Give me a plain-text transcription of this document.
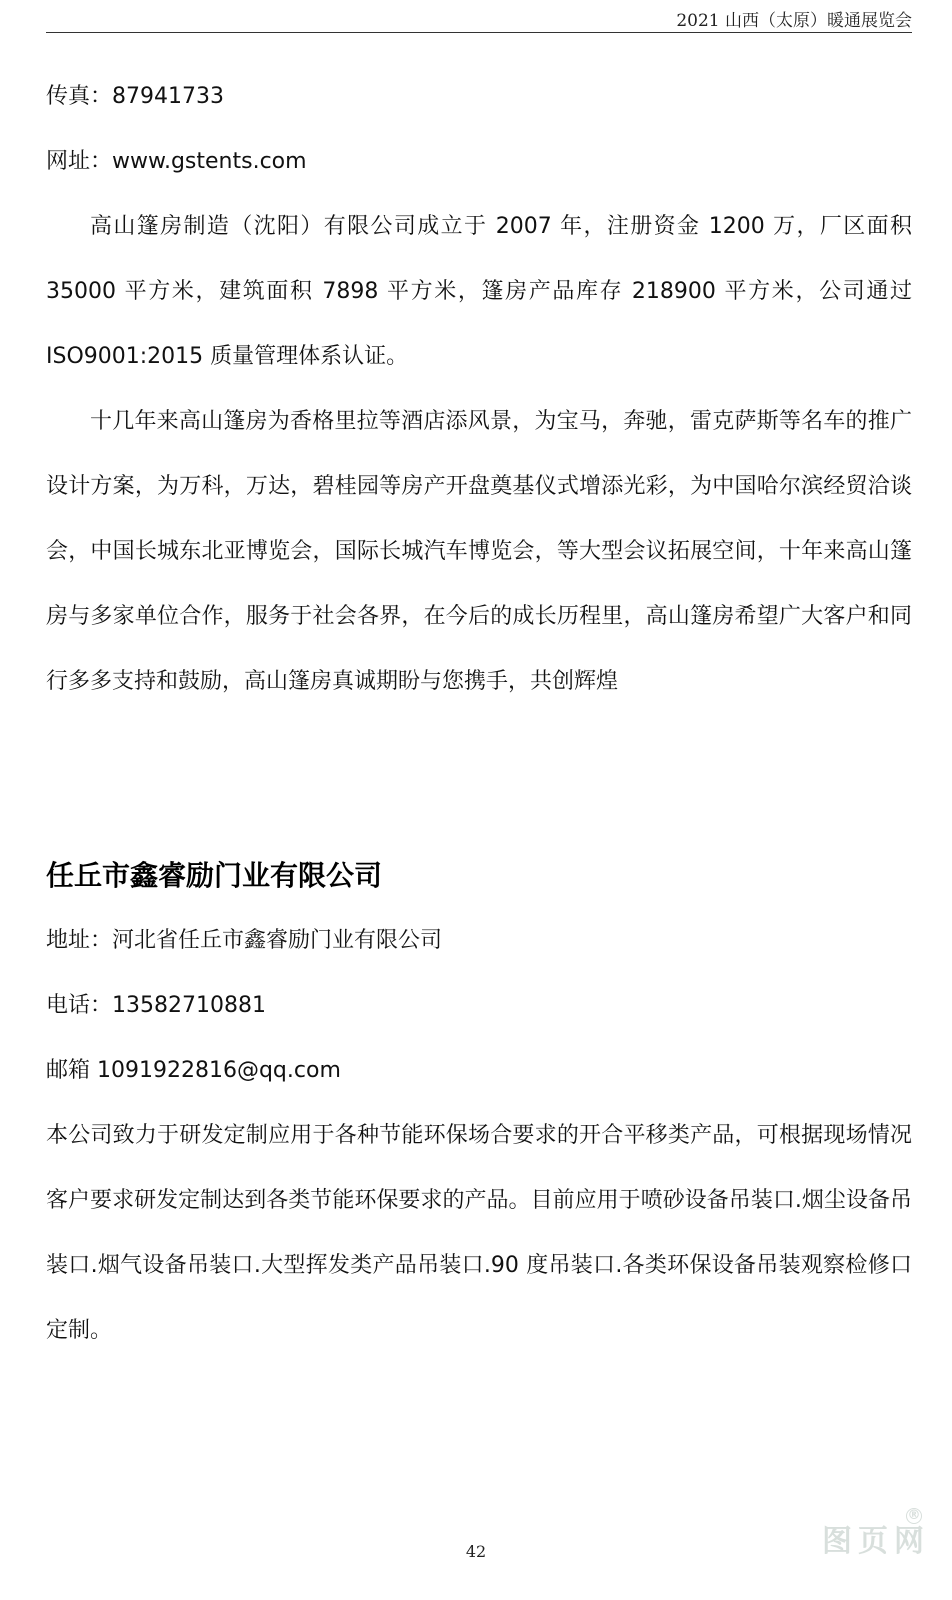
2021 山西（太原）暖通展览会
传真：87941733
网址：www.gstents.com
高山篷房制造（沈阳）有限公司成立于 2007 年，注册资金 1200 万，厂区面积 35000 平方米，建筑面积 7898 平方米，篷房产品库存 218900 平方米，公司通过 ISO9001:2015 质量管理体系认证。
十几年来高山篷房为香格里拉等酒店添风景，为宝马，奔驰，雷克萨斯等名车的推广设计方案，为万科，万达，碧桂园等房产开盘奠基仪式增添光彩，为中国哈尔滨经贸洽谈会，中国长城东北亚博览会，国际长城汽车博览会，等大型会议拓展空间，十年来高山篷房与多家单位合作，服务于社会各界，在今后的成长历程里，高山篷房希望广大客户和同行多多支持和鼓励，高山篷房真诚期盼与您携手，共创辉煌
任丘市鑫睿励门业有限公司
地址：河北省任丘市鑫睿励门业有限公司
电话：13582710881
邮箱 1091922816@qq.com
本公司致力于研发定制应用于各种节能环保场合要求的开合平移类产品，可根据现场情况客户要求研发定制达到各类节能环保要求的产品。目前应用于喷砂设备吊装口.烟尘设备吊装口.烟气设备吊装口.大型挥发类产品吊装口.90 度吊装口.各类环保设备吊装观察检修口定制。
42	图页网
®
